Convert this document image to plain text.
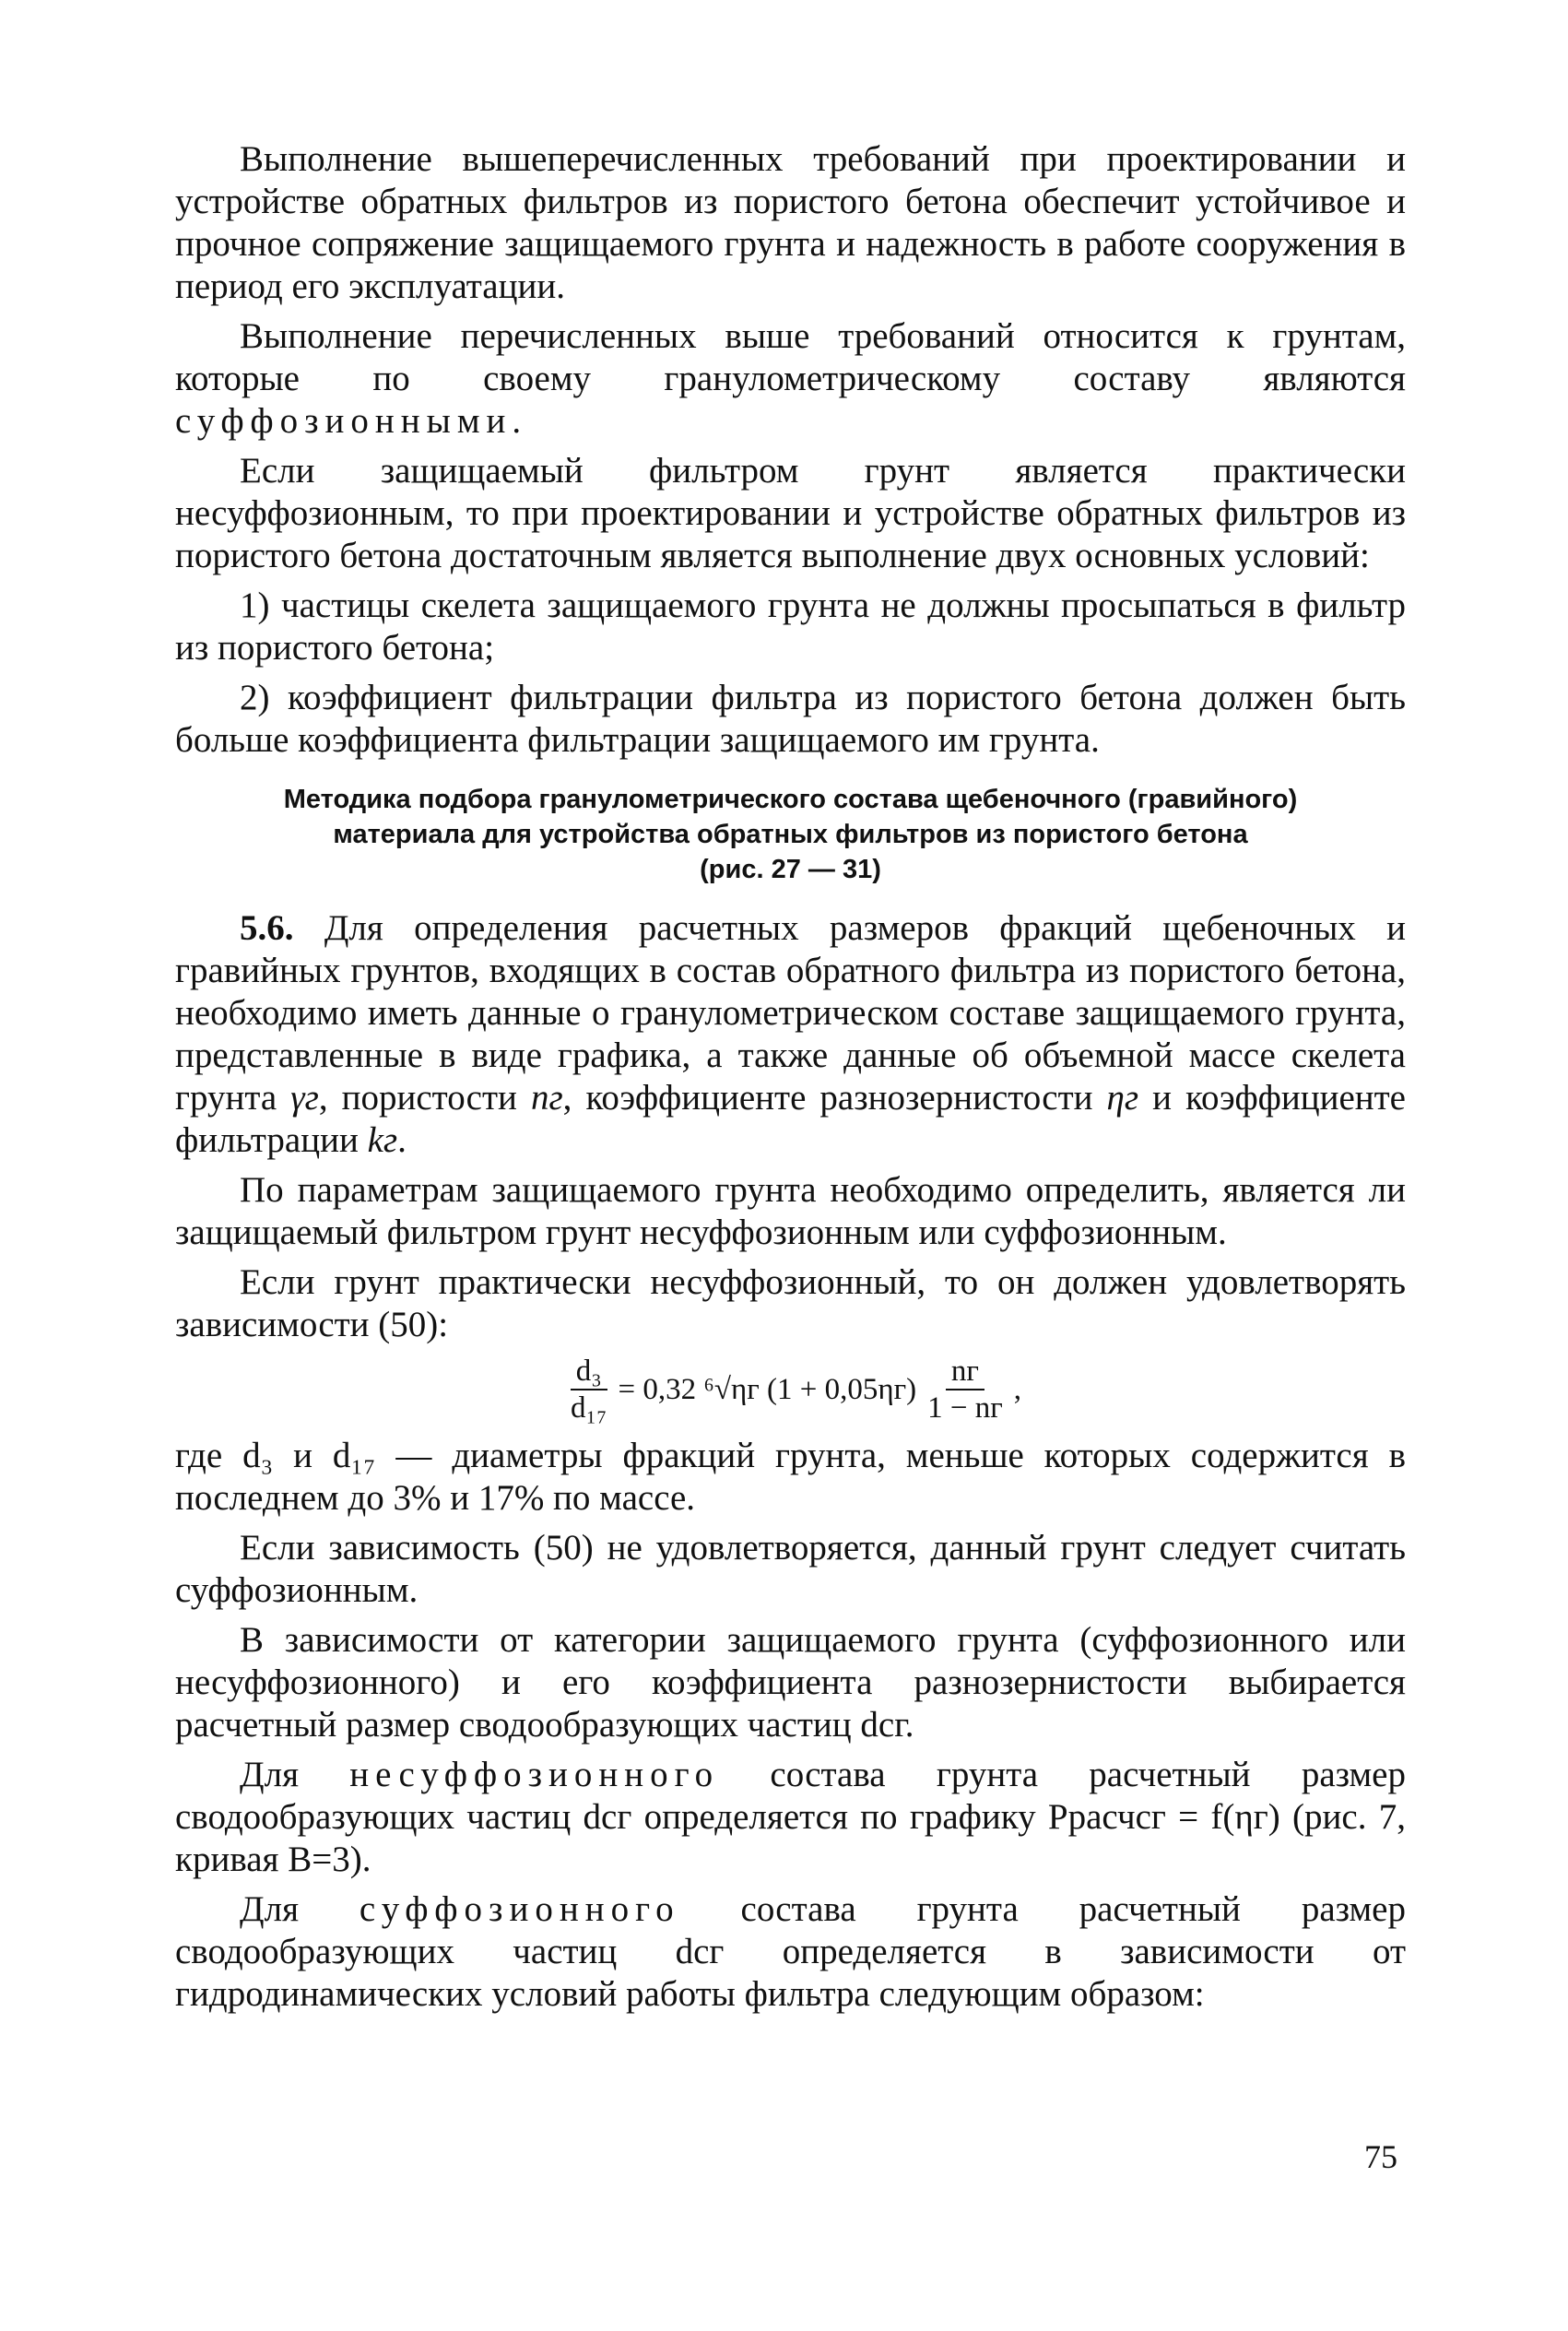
Выполнение вышеперечисленных требований при проектировании и устройстве обратных фильтров из пористого бетона обеспечит устойчивое и прочное сопряжение защищаемого грунта и надежность в работе сооружения в период его эксплуатации.

Выполнение перечисленных выше требований относится к грунтам, которые по своему гранулометрическому составу являются суффозионными.

Если защищаемый фильтром грунт является практически несуффозионным, то при проектировании и устройстве обратных фильтров из пористого бетона достаточным является выполнение двух основных условий:

1) частицы скелета защищаемого грунта не должны просыпаться в фильтр из пористого бетона;

2) коэффициент фильтрации фильтра из пористого бетона должен быть больше коэффициента фильтрации защищаемого им грунта.

Методика подбора гранулометрического состава щебеночного (гравийного)
материала для устройства обратных фильтров из пористого бетона
(рис. 27 — 31)

5.6. Для определения расчетных размеров фракций щебеночных и гравийных грунтов, входящих в состав обратного фильтра из пористого бетона, необходимо иметь данные о гранулометрическом составе защищаемого грунта, представленные в виде графика, а также данные об объемной массе скелета грунта γг, пористости nг, коэффициенте разнозернистости ηг и коэффициенте фильтрации kг.

По параметрам защищаемого грунта необходимо определить, является ли защищаемый фильтром грунт несуффозионным или суффозионным.

Если грунт практически несуффозионный, то он должен удовлетворять зависимости (50):

$\frac{\text{d₃}}{\text{d₁₇}} = 0,32$ ⁶√ηг $(1 + 0,05\eta г) \frac{nг}{1 - nг}$ ,

где d₃ и d₁₇ — диаметры фракций грунта, меньше которых содержится в последнем до 3% и 17% по массе.

Если зависимость (50) не удовлетворяется, данный грунт следует считать суффозионным.

В зависимости от категории защищаемого грунта (суффозионного или несуффозионного) и его коэффициента разнозернистости выбирается расчетный размер сводообразующих частиц dсг.

Для несуффозионного состава грунта расчетный размер сводообразующих частиц dсг определяется по графику Pрасчсг = f(ηг) (рис. 7, кривая B=3).

Для суффозионного состава грунта расчетный размер сводообразующих частиц dсг определяется в зависимости от гидродинамических условий работы фильтра следующим образом:

75
